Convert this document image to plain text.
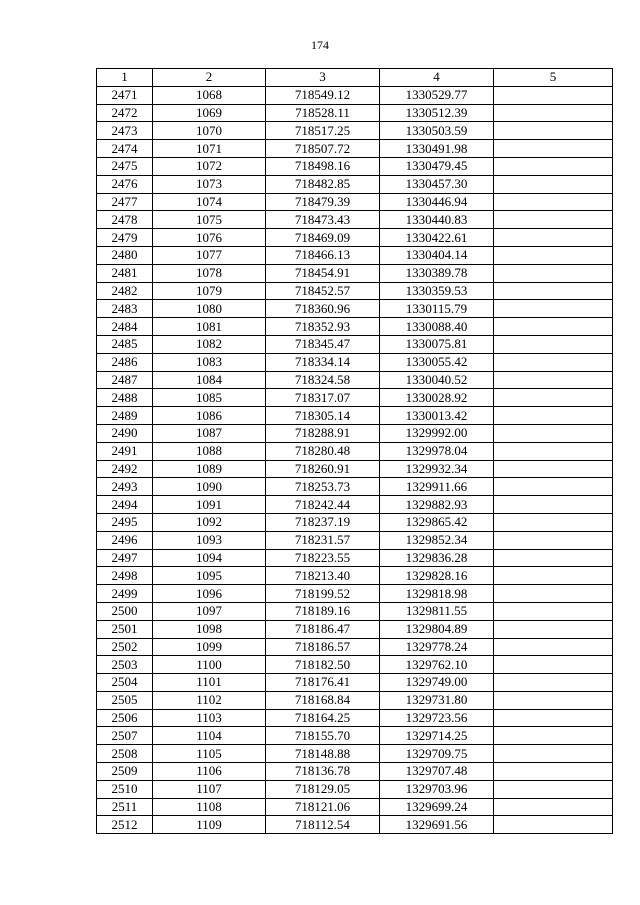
174
1	2	3	4	5
2471	1068	718549.12	1330529.77	
2472	1069	718528.11	1330512.39	
2473	1070	718517.25	1330503.59	
2474	1071	718507.72	1330491.98	
2475	1072	718498.16	1330479.45	
2476	1073	718482.85	1330457.30	
2477	1074	718479.39	1330446.94	
2478	1075	718473.43	1330440.83	
2479	1076	718469.09	1330422.61	
2480	1077	718466.13	1330404.14	
2481	1078	718454.91	1330389.78	
2482	1079	718452.57	1330359.53	
2483	1080	718360.96	1330115.79	
2484	1081	718352.93	1330088.40	
2485	1082	718345.47	1330075.81	
2486	1083	718334.14	1330055.42	
2487	1084	718324.58	1330040.52	
2488	1085	718317.07	1330028.92	
2489	1086	718305.14	1330013.42	
2490	1087	718288.91	1329992.00	
2491	1088	718280.48	1329978.04	
2492	1089	718260.91	1329932.34	
2493	1090	718253.73	1329911.66	
2494	1091	718242.44	1329882.93	
2495	1092	718237.19	1329865.42	
2496	1093	718231.57	1329852.34	
2497	1094	718223.55	1329836.28	
2498	1095	718213.40	1329828.16	
2499	1096	718199.52	1329818.98	
2500	1097	718189.16	1329811.55	
2501	1098	718186.47	1329804.89	
2502	1099	718186.57	1329778.24	
2503	1100	718182.50	1329762.10	
2504	1101	718176.41	1329749.00	
2505	1102	718168.84	1329731.80	
2506	1103	718164.25	1329723.56	
2507	1104	718155.70	1329714.25	
2508	1105	718148.88	1329709.75	
2509	1106	718136.78	1329707.48	
2510	1107	718129.05	1329703.96	
2511	1108	718121.06	1329699.24	
2512	1109	718112.54	1329691.56	
